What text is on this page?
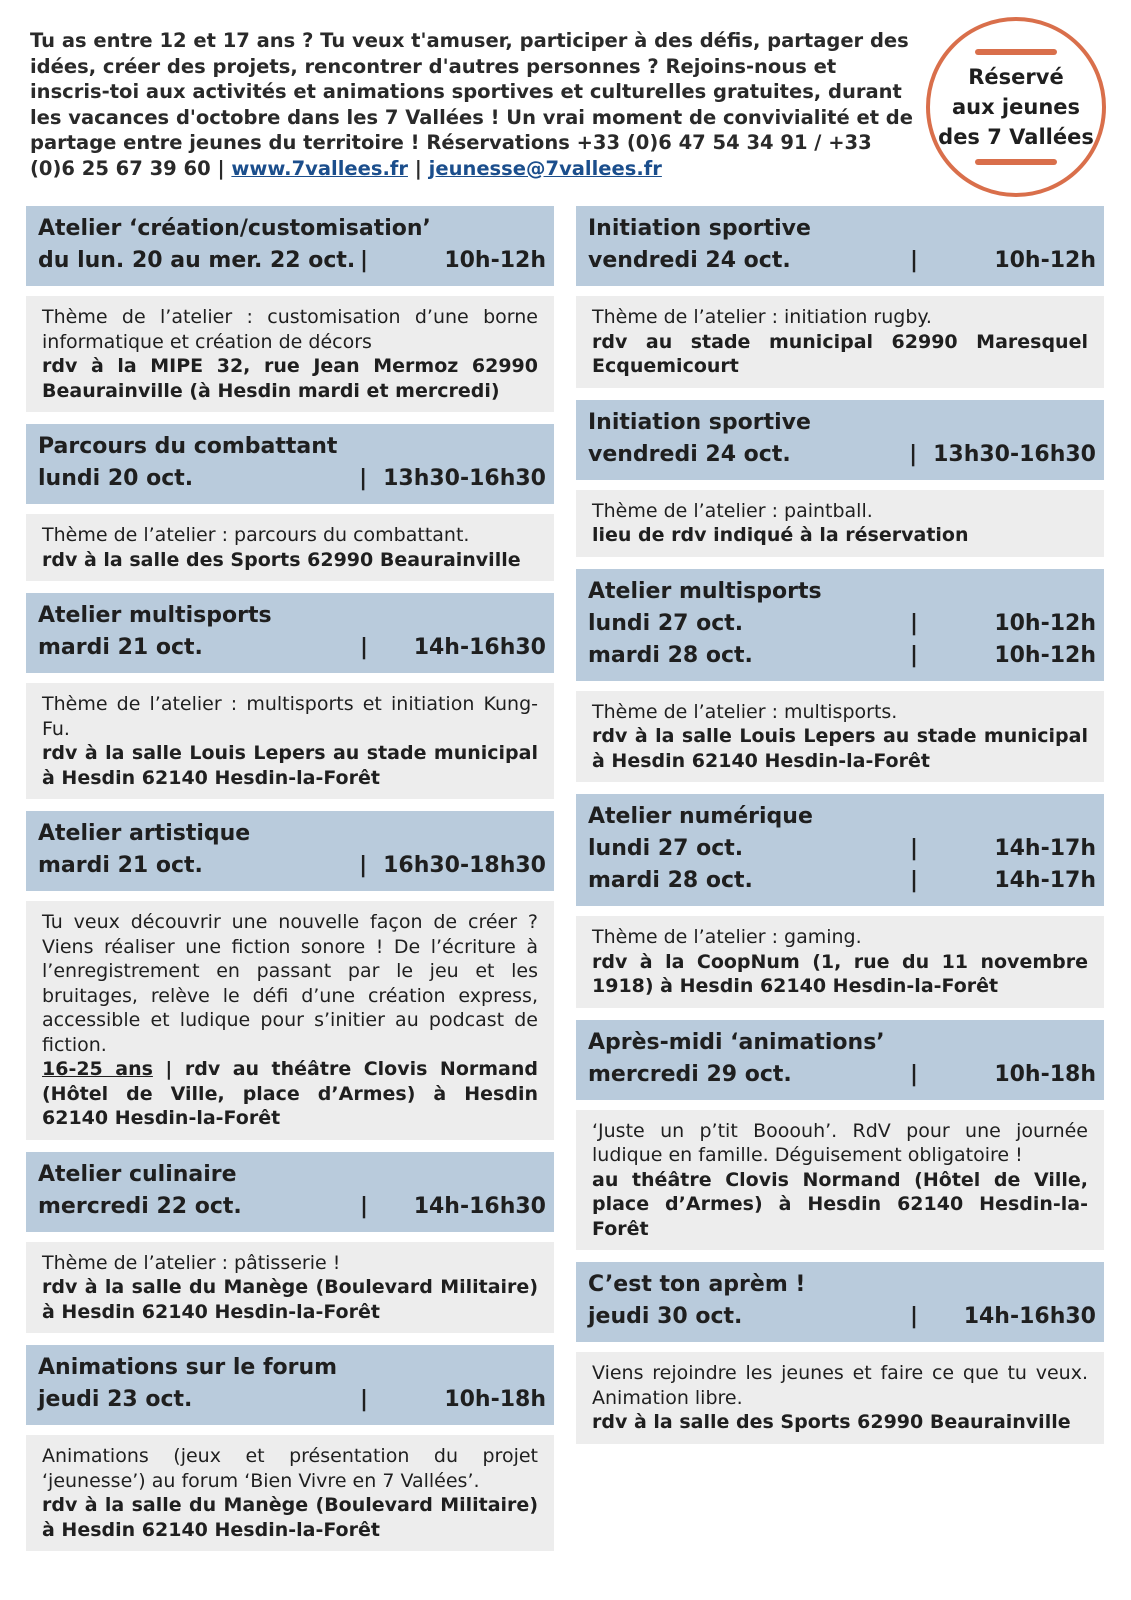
Tu as entre 12 et 17 ans ? Tu veux t'amuser, participer à des défis, partager des idées, créer des projets, rencontrer d'autres personnes ? Rejoins-nous et inscris-toi aux activités et animations sportives et culturelles gratuites, durant les vacances d'octobre dans les 7 Vallées ! Un vrai moment de convivialité et de partage entre jeunes du territoire ! Réservations +33 (0)6 47 54 34 91 / +33 (0)6 25 67 39 60 | www.7vallees.fr | jeunesse@7vallees.fr
Réservé
aux jeunes
des 7 Vallées
Atelier ‘création/customisation’
du lun. 20 au mer. 22 oct. |	10h-12h
Thème de l’atelier : customisation d’une borne informatique et création de décors
rdv à la MIPE 32, rue Jean Mermoz 62990 Beaurainville (à Hesdin mardi et mercredi)
Parcours du combattant
lundi 20 oct.	| 13h30-16h30
Thème de l’atelier : parcours du combattant.
rdv à la salle des Sports 62990 Beaurainville
Atelier multisports
mardi 21 oct.	|	14h-16h30
Thème de l’atelier : multisports et initiation Kung-Fu.
rdv à la salle Louis Lepers au stade municipal à Hesdin 62140 Hesdin-la-Forêt
Atelier artistique
mardi 21 oct.	| 16h30-18h30
Tu veux découvrir une nouvelle façon de créer ? Viens réaliser une fiction sonore ! De l’écriture à l’enregistrement en passant par le jeu et les bruitages, relève le défi d’une création express, accessible et ludique pour s’initier au podcast de fiction.
16-25 ans | rdv au théâtre Clovis Normand (Hôtel de Ville, place d’Armes) à Hesdin 62140 Hesdin-la-Forêt
Atelier culinaire
mercredi 22 oct.	|	14h-16h30
Thème de l’atelier : pâtisserie !
rdv à la salle du Manège (Boulevard Militaire) à Hesdin 62140 Hesdin-la-Forêt
Animations sur le forum
jeudi 23 oct.	|	10h-18h
Animations (jeux et présentation du projet ‘jeunesse’) au forum ‘Bien Vivre en 7 Vallées’.
rdv à la salle du Manège (Boulevard Militaire) à Hesdin 62140 Hesdin-la-Forêt
Initiation sportive
vendredi 24 oct.	|	10h-12h
Thème de l’atelier : initiation rugby.
rdv au stade municipal 62990 Maresquel Ecquemicourt
Initiation sportive
vendredi 24 oct.	| 13h30-16h30
Thème de l’atelier : paintball.
lieu de rdv indiqué à la réservation
Atelier multisports
lundi 27 oct.	|	10h-12h
mardi 28 oct.	|	10h-12h
Thème de l’atelier : multisports.
rdv à la salle Louis Lepers au stade municipal à Hesdin 62140 Hesdin-la-Forêt
Atelier numérique
lundi 27 oct.	|	14h-17h
mardi 28 oct.	|	14h-17h
Thème de l’atelier : gaming.
rdv à la CoopNum (1, rue du 11 novembre 1918) à Hesdin 62140 Hesdin-la-Forêt
Après-midi ‘animations’
mercredi 29 oct.	|	10h-18h
‘Juste un p’tit Booouh’. RdV pour une journée ludique en famille. Déguisement obligatoire !
au théâtre Clovis Normand (Hôtel de Ville, place d’Armes) à Hesdin 62140 Hesdin-la-Forêt
C’est ton aprèm !
jeudi 30 oct.	|	14h-16h30
Viens rejoindre les jeunes et faire ce que tu veux. Animation libre.
rdv à la salle des Sports 62990 Beaurainville
